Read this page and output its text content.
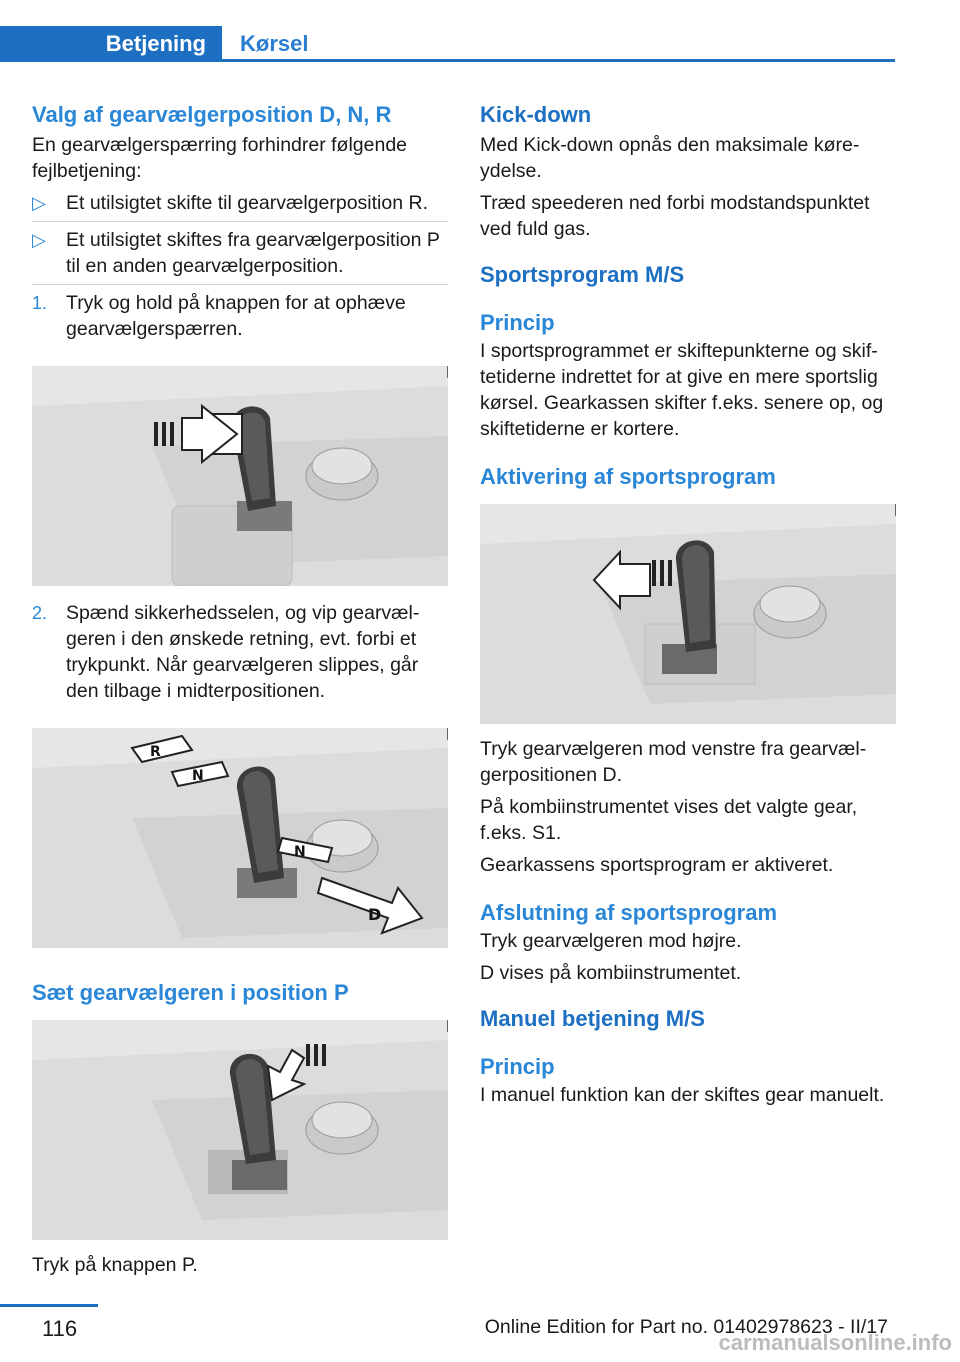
Betjening	Kørsel
Valg af gearvælgerposition D, N, R
En gearvælgerspærring forhindrer følgende fejlbetjening:
▷ Et utilsigtet skifte til gearvælgerposition R.
▷ Et utilsigtet skiftes fra gearvælgerposition P til en anden gearvælgerposition.
1. Tryk og hold på knappen for at ophæve gearvælgerspærren.
2. Spænd sikkerhedsselen, og vip gearvælgeren i den ønskede retning, evt. forbi et trykpunkt. Når gearvælgeren slippes, går den tilbage i midterpositionen.
R
N
N
D
Sæt gearvælgeren i position P
Tryk på knappen P.
Kick-down
Med Kick-down opnås den maksimale køreydelse.
Træd speederen ned forbi modstandspunktet ved fuld gas.
Sportsprogram M/S
Princip
I sportsprogrammet er skiftepunkterne og skiftetiderne indrettet for at give en mere sportslig kørsel. Gearkassen skifter f.eks. senere op, og skiftetiderne er kortere.
Aktivering af sportsprogram
Tryk gearvælgeren mod venstre fra gearvælgerpositionen D.
På kombiinstrumentet vises det valgte gear, f.eks. S1.
Gearkassens sportsprogram er aktiveret.
Afslutning af sportsprogram
Tryk gearvælgeren mod højre.
D vises på kombiinstrumentet.
Manuel betjening M/S
Princip
I manuel funktion kan der skiftes gear manuelt.
116	Online Edition for Part no. 01402978623 - II/17
carmanualsonline.info
